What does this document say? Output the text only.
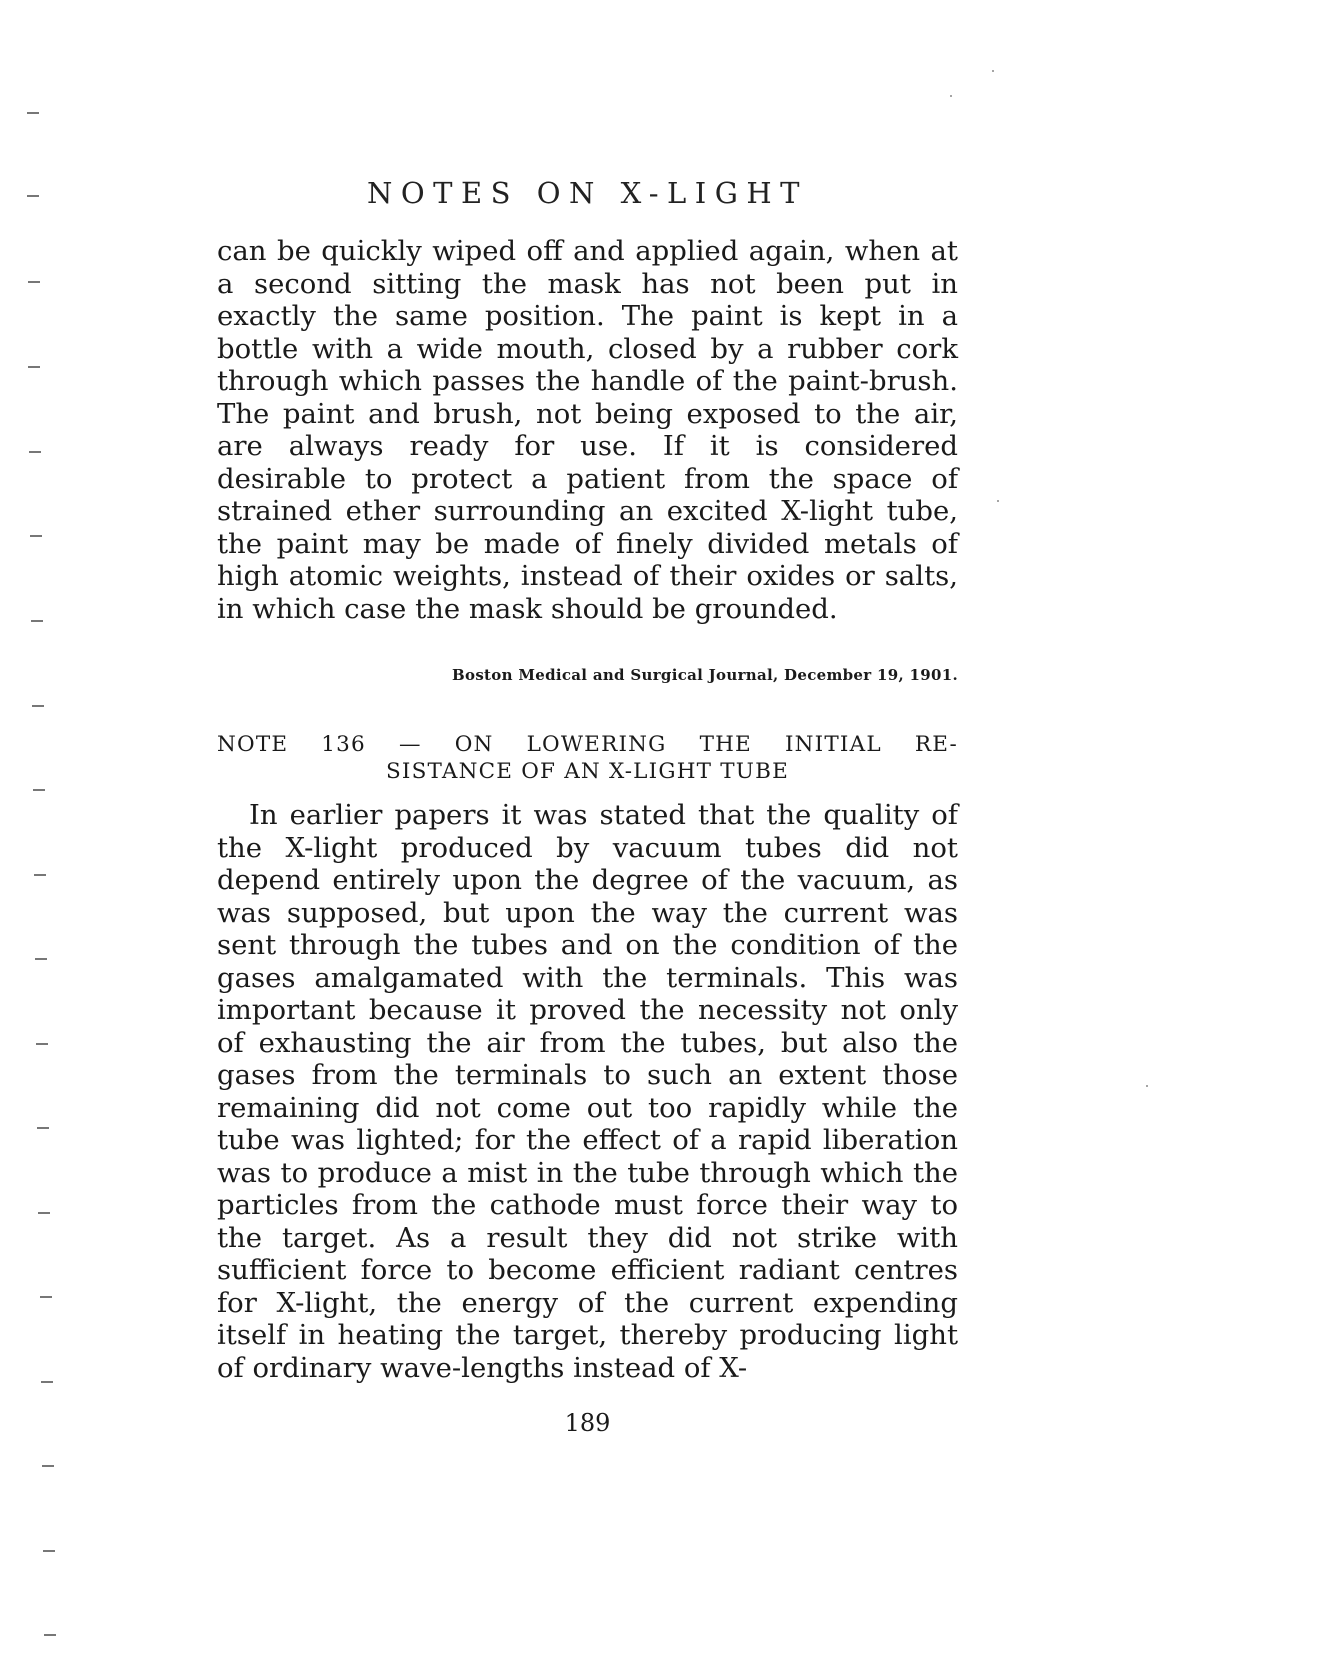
NOTES ON X-LIGHT

can be quickly wiped off and applied again, when at a second sitting the mask has not been put in exactly the same position. The paint is kept in a bottle with a wide mouth, closed by a rubber cork through which passes the handle of the paint-brush. The paint and brush, not being exposed to the air, are always ready for use. If it is considered desirable to protect a patient from the space of strained ether surrounding an excited X-light tube, the paint may be made of finely divided metals of high atomic weights, instead of their oxides or salts, in which case the mask should be grounded.

Boston Medical and Surgical Journal, December 19, 1901.
NOTE 136 — ON LOWERING THE INITIAL RE-
SISTANCE OF AN X-LIGHT TUBE

In earlier papers it was stated that the quality of the X-light produced by vacuum tubes did not depend entirely upon the degree of the vacuum, as was supposed, but upon the way the current was sent through the tubes and on the condition of the gases amalgamated with the terminals. This was important because it proved the necessity not only of exhausting the air from the tubes, but also the gases from the terminals to such an extent those remaining did not come out too rapidly while the tube was lighted; for the effect of a rapid liberation was to produce a mist in the tube through which the particles from the cathode must force their way to the target. As a result they did not strike with sufficient force to become efficient radiant centres for X-light, the energy of the current expending itself in heating the target, thereby producing light of ordinary wave-lengths instead of X-

189
